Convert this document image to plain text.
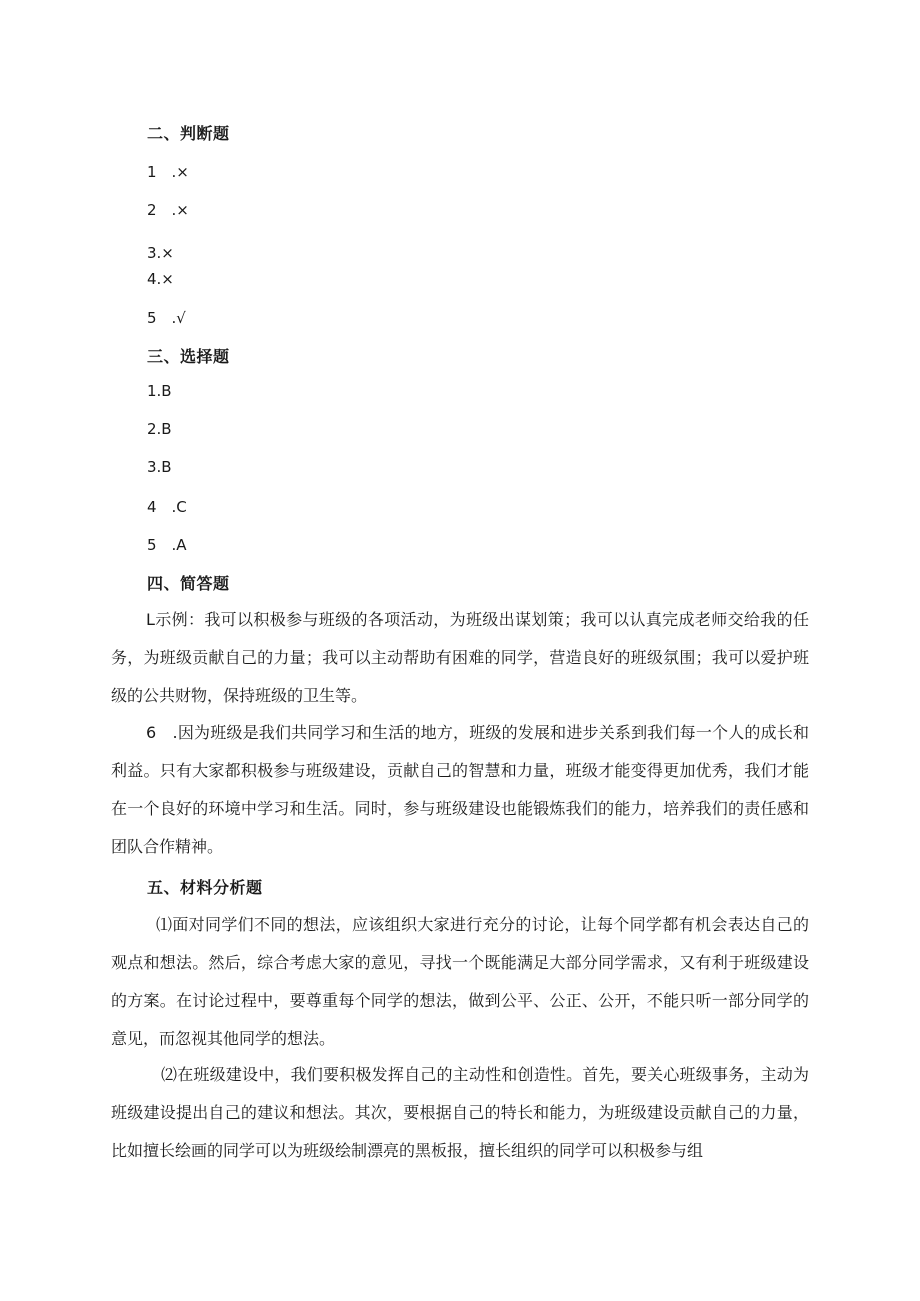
二、判断题
1　.×
2　.×
3.×
4.×
5　.√
三、选择题
1.B
2.B
3.B
4　.C
5　.A
四、简答题

L示例：我可以积极参与班级的各项活动，为班级出谋划策；我可以认真完成老师交给我的任务，为班级贡献自己的力量；我可以主动帮助有困难的同学，营造良好的班级氛围；我可以爱护班级的公共财物，保持班级的卫生等。

6　.因为班级是我们共同学习和生活的地方，班级的发展和进步关系到我们每一个人的成长和利益。只有大家都积极参与班级建设，贡献自己的智慧和力量，班级才能变得更加优秀，我们才能在一个良好的环境中学习和生活。同时，参与班级建设也能锻炼我们的能力，培养我们的责任感和团队合作精神。

五、材料分析题

⑴面对同学们不同的想法，应该组织大家进行充分的讨论，让每个同学都有机会表达自己的观点和想法。然后，综合考虑大家的意见，寻找一个既能满足大部分同学需求，又有利于班级建设的方案。在讨论过程中，要尊重每个同学的想法，做到公平、公正、公开，不能只听一部分同学的意见，而忽视其他同学的想法。

⑵在班级建设中，我们要积极发挥自己的主动性和创造性。首先，要关心班级事务，主动为班级建设提出自己的建议和想法。其次，要根据自己的特长和能力，为班级建设贡献自己的力量，比如擅长绘画的同学可以为班级绘制漂亮的黑板报，擅长组织的同学可以积极参与组
